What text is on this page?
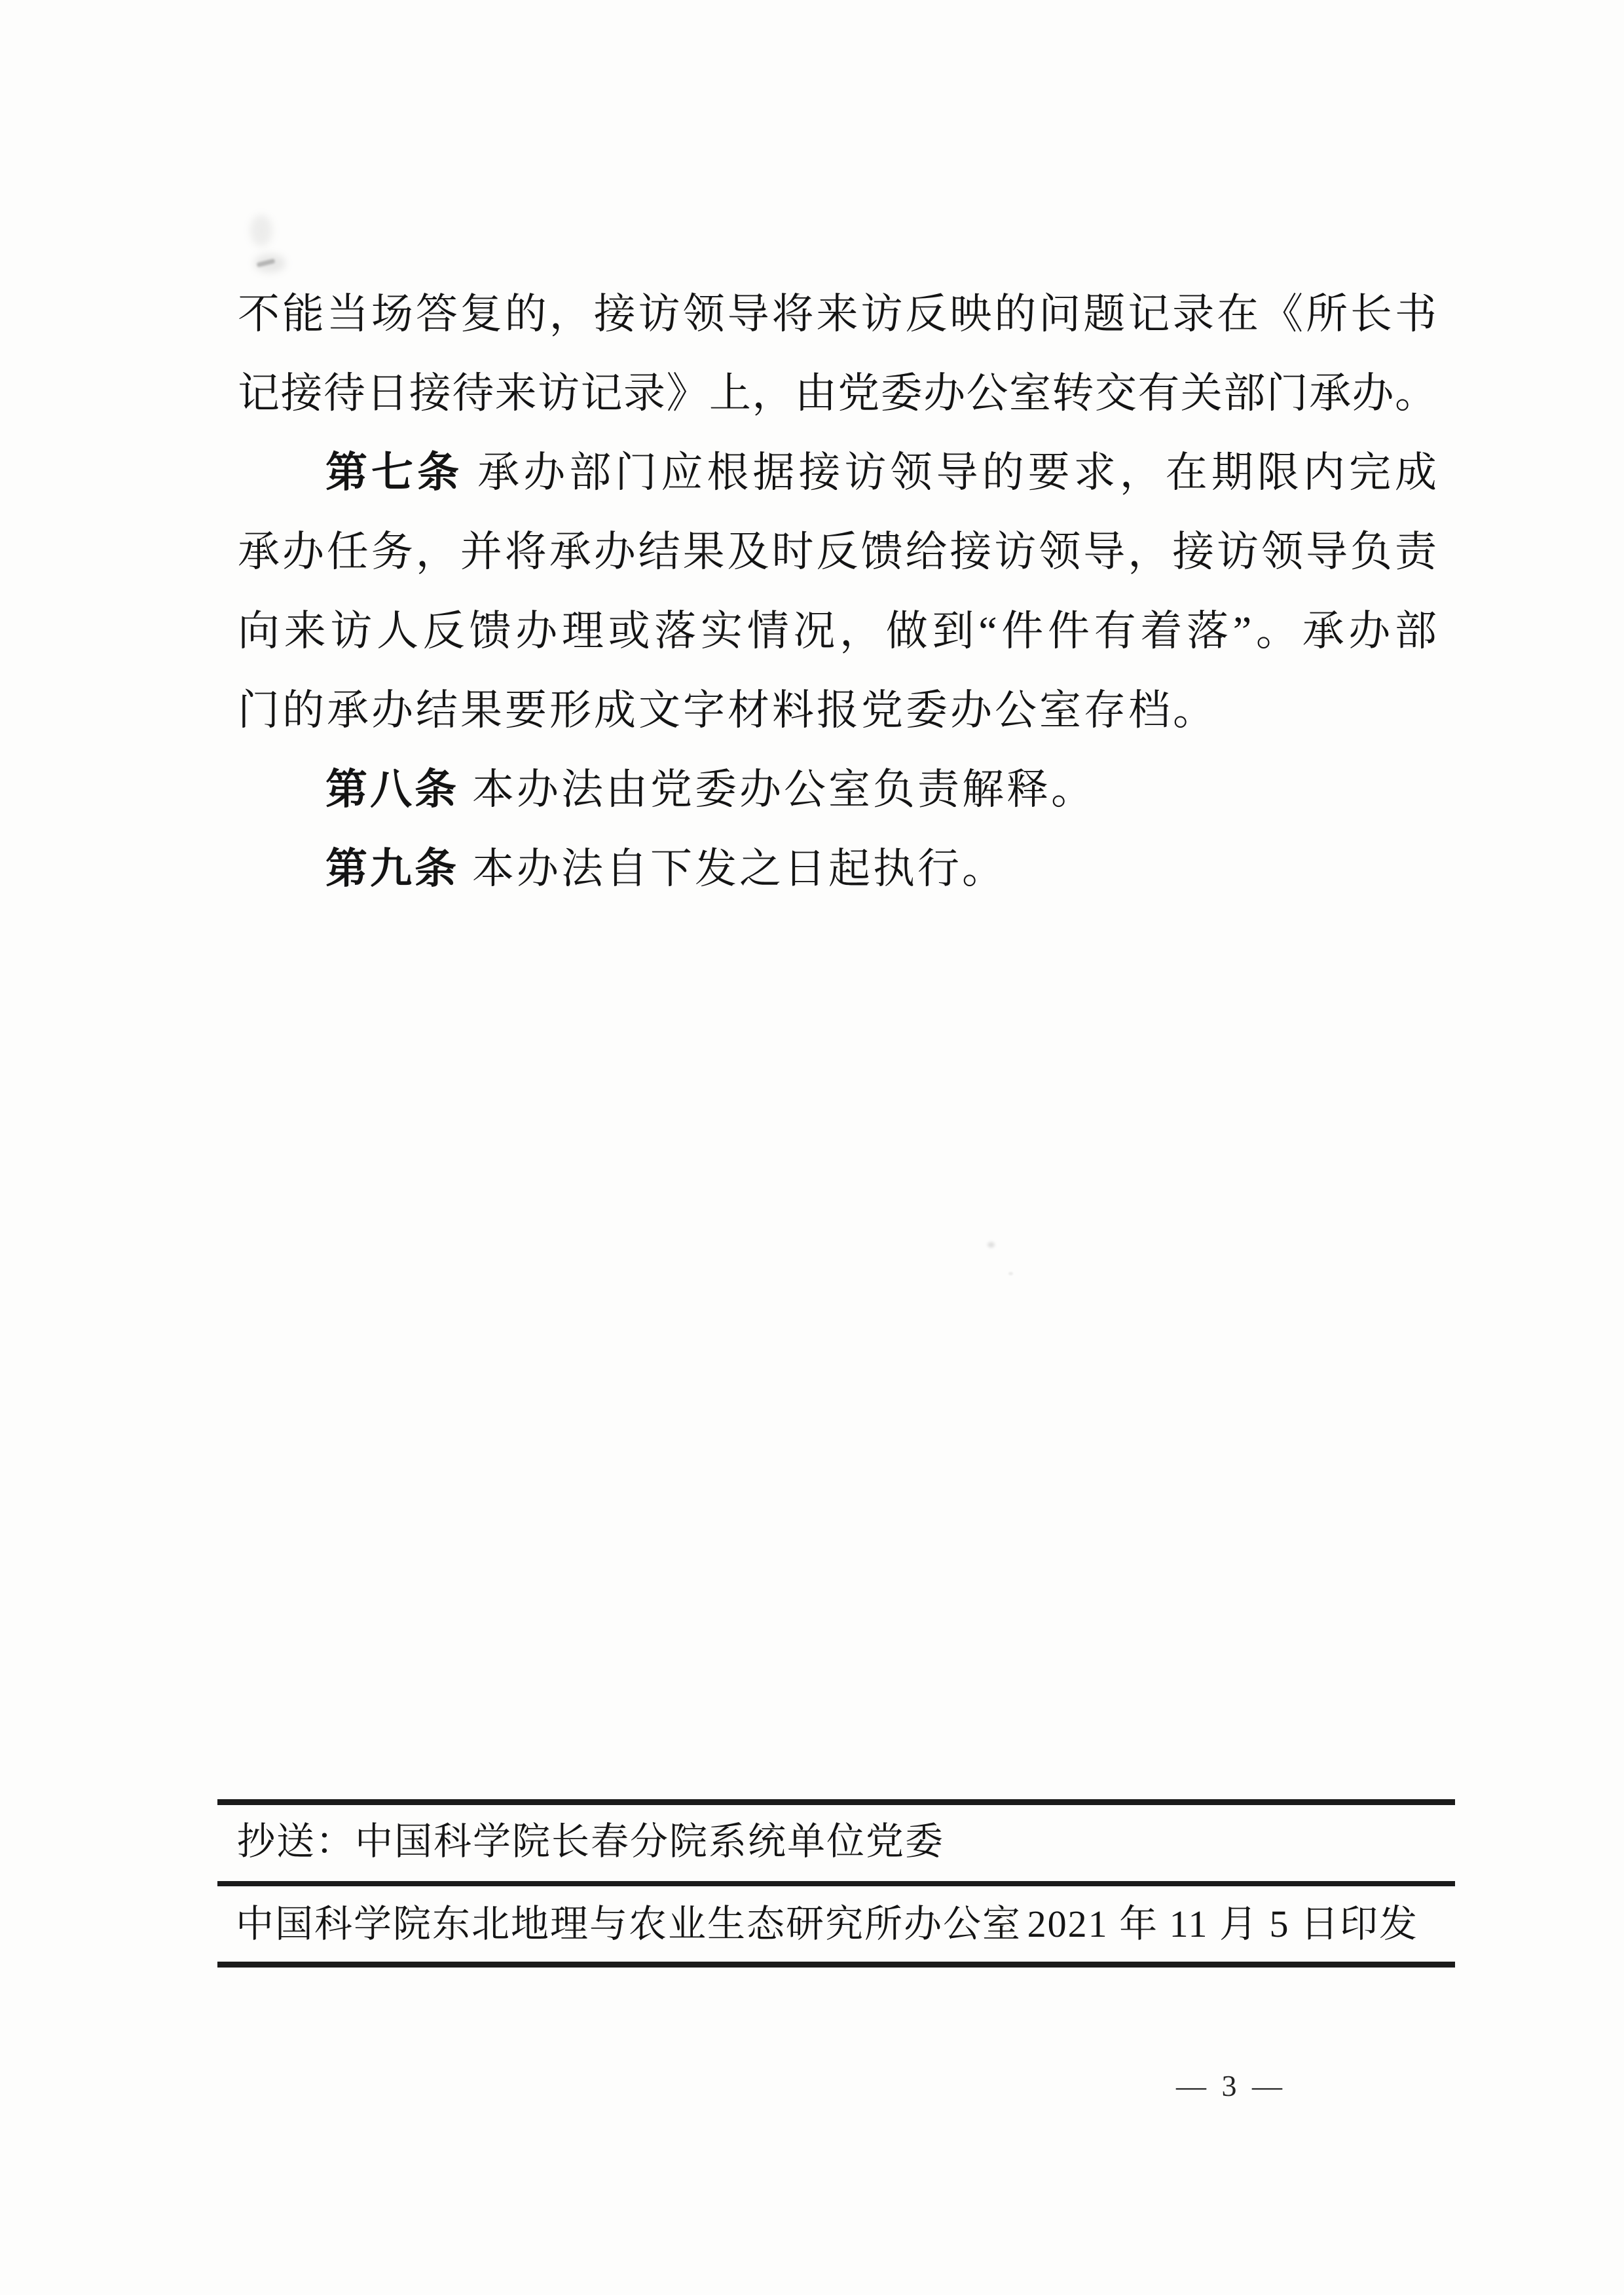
不能当场答复的，接访领导将来访反映的问题记录在《所长书
记接待日接待来访记录》上，由党委办公室转交有关部门承办。
第七条 承办部门应根据接访领导的要求，在期限内完成
承办任务，并将承办结果及时反馈给接访领导，接访领导负责
向来访人反馈办理或落实情况，做到“件件有着落”。承办部
门的承办结果要形成文字材料报党委办公室存档。
第八条 本办法由党委办公室负责解释。
第九条 本办法自下发之日起执行。
抄送：中国科学院长春分院系统单位党委
中国科学院东北地理与农业生态研究所办公室 2021 年 11 月 5 日印发
— 3 —
